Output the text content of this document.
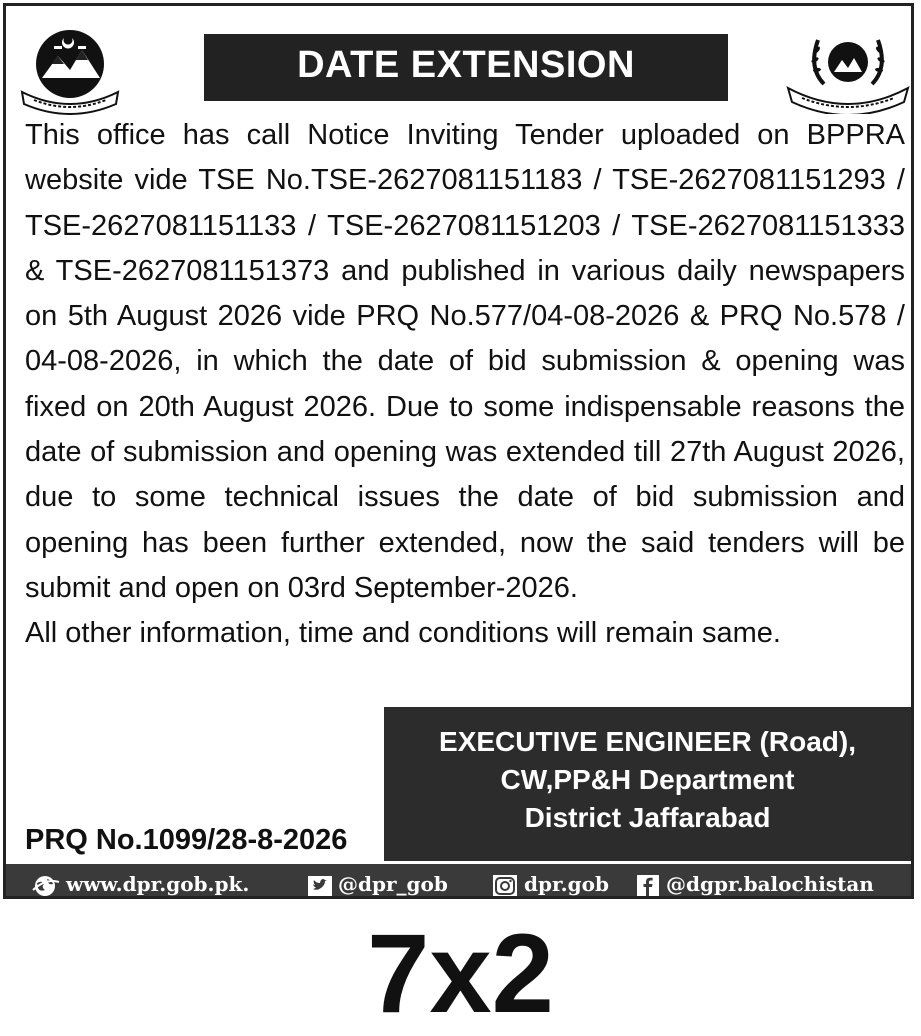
DATE EXTENSION

This office has call Notice Inviting Tender uploaded on BPPRA website vide TSE No.TSE-2627081151183 / TSE-2627081151293 / TSE-2627081151133 / TSE-2627081151203 / TSE-2627081151333 & TSE-2627081151373 and published in various daily newspapers on 5th August 2026 vide PRQ No.577/04-08-2026 & PRQ No.578 / 04-08-2026, in which the date of bid submission & opening was fixed on 20th August 2026. Due to some indispensable reasons the date of submission and opening was extended till 27th August 2026, due to some technical issues the date of bid submission and opening has been further extended, now the said tenders will be submit and open on 03rd September-2026.

All other information, time and conditions will remain same.

EXECUTIVE ENGINEER (Road),
CW,PP&H Department
District Jaffarabad
PRQ No.1099/28-8-2026
www.dpr.gob.pk.	@dpr_gob	dpr.gob	@dgpr.balochistan
7x2
